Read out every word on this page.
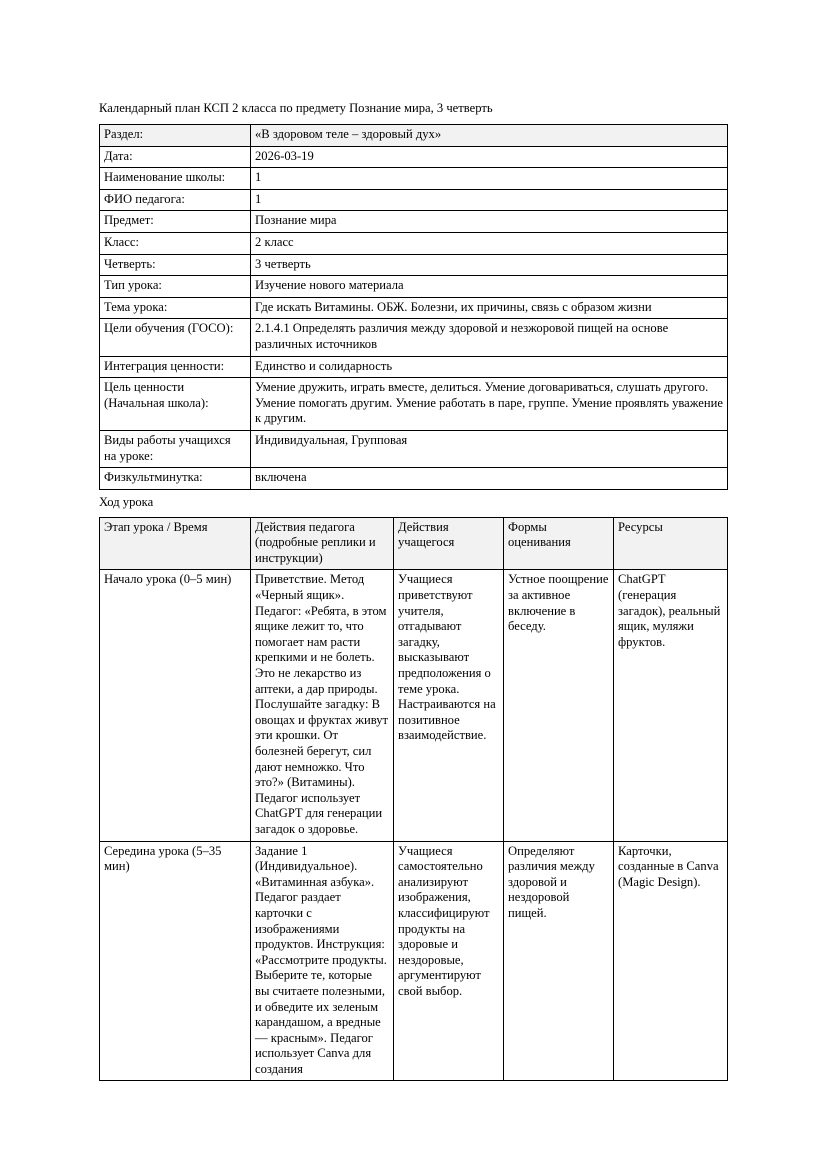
Календарный план КСП 2 класса по предмету Познание мира, 3 четверть

Раздел:	«В здоровом теле – здоровый дух»
Дата:	2026-03-19
Наименование школы:	1
ФИО педагога:	1
Предмет:	Познание мира
Класс:	2 класс
Четверть:	3 четверть
Тип урока:	Изучение нового материала
Тема урока:	Где искать Витамины. ОБЖ. Болезни, их причины, связь с образом жизни
Цели обучения (ГОСО):	2.1.4.1 Определять различия между здоровой и незжоровой пищей на основе различных источников
Интеграция ценности:	Единство и солидарность
Цель ценности (Начальная школа):	Умение дружить, играть вместе, делиться. Умение договариваться, слушать другого. Умение помогать другим. Умение работать в паре, группе. Умение проявлять уважение к другим.
Виды работы учащихся на уроке:	Индивидуальная, Групповая
Физкультминутка:	включена

Ход урока

Этап урока / Время	Действия педагога (подробные реплики и инструкции)	Действия учащегося	Формы оценивания	Ресурсы
Начало урока (0–5 мин)	Приветствие. Метод «Черный ящик». Педагог: «Ребята, в этом ящике лежит то, что помогает нам расти крепкими и не болеть. Это не лекарство из аптеки, а дар природы. Послушайте загадку: В овощах и фруктах живут эти крошки. От болезней берегут, сил дают немножко. Что это?» (Витамины). Педагог использует ChatGPT для генерации загадок о здоровье.	Учащиеся приветствуют учителя, отгадывают загадку, высказывают предположения о теме урока. Настраиваются на позитивное взаимодействие.	Устное поощрение за активное включение в беседу.	ChatGPT (генерация загадок), реальный ящик, муляжи фруктов.
Середина урока (5–35 мин)	Задание 1 (Индивидуальное). «Витаминная азбука». Педагог раздает карточки с изображениями продуктов. Инструкция: «Рассмотрите продукты. Выберите те, которые вы считаете полезными, и обведите их зеленым карандашом, а вредные — красным». Педагог использует Canva для создания	Учащиеся самостоятельно анализируют изображения, классифицируют продукты на здоровые и нездоровые, аргументируют свой выбор.	Определяют различия между здоровой и нездоровой пищей.	Карточки, созданные в Canva (Magic Design).
